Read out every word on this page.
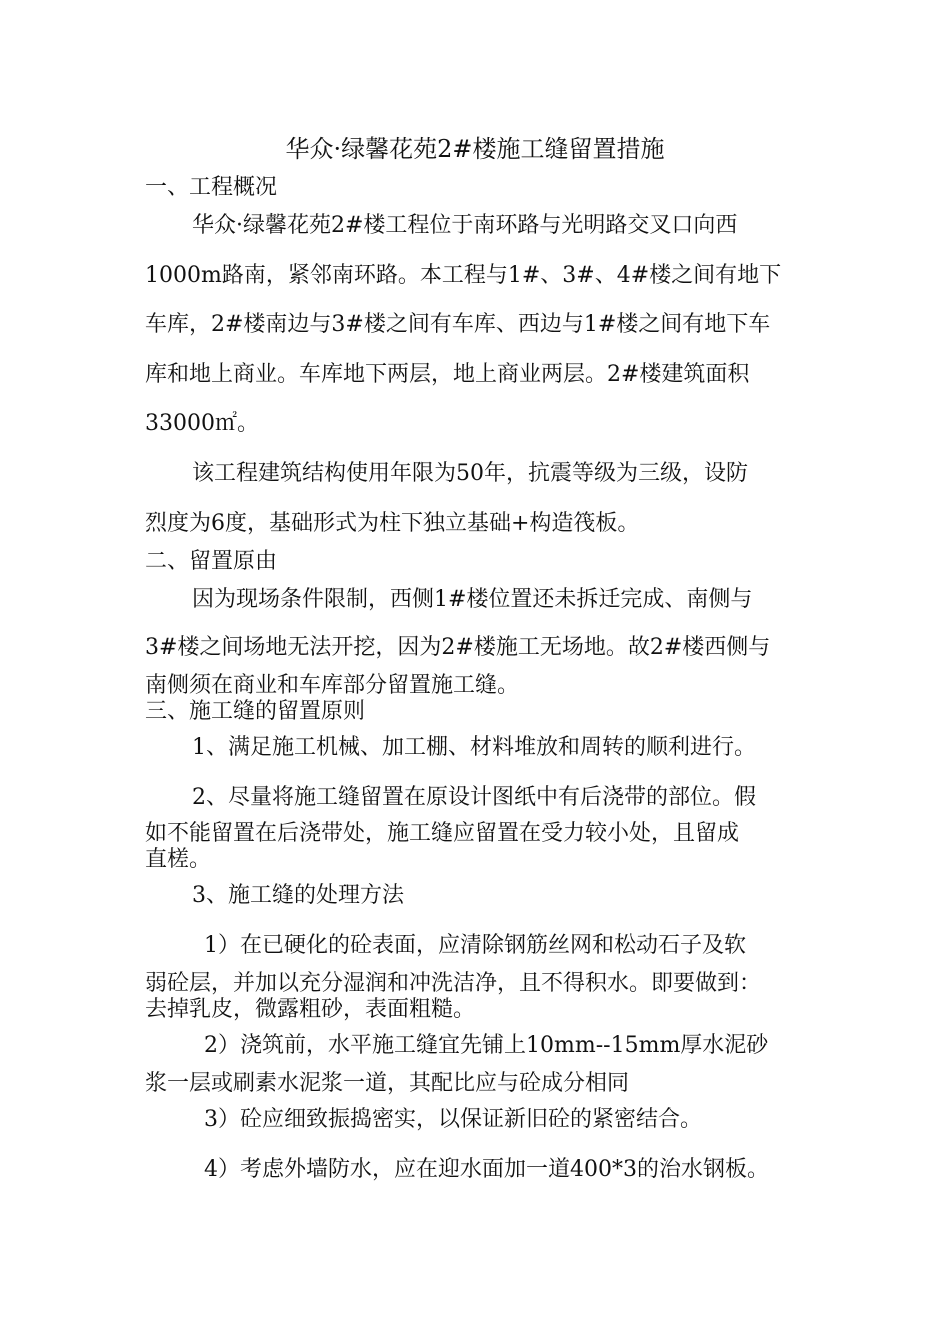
华众·绿馨花苑2#楼施工缝留置措施
一、工程概况
华众·绿馨花苑2#楼工程位于南环路与光明路交叉口向西
1000m路南，紧邻南环路。本工程与1#、3#、4#楼之间有地下
车库，2#楼南边与3#楼之间有车库、西边与1#楼之间有地下车
库和地上商业。车库地下两层，地上商业两层。2#楼建筑面积
33000㎡。
该工程建筑结构使用年限为50年，抗震等级为三级，设防
烈度为6度，基础形式为柱下独立基础+构造筏板。
二、留置原由
因为现场条件限制，西侧1#楼位置还未拆迁完成、南侧与
3#楼之间场地无法开挖，因为2#楼施工无场地。故2#楼西侧与
南侧须在商业和车库部分留置施工缝。
三、施工缝的留置原则
1、满足施工机械、加工棚、材料堆放和周转的顺利进行。
2、尽量将施工缝留置在原设计图纸中有后浇带的部位。假
如不能留置在后浇带处，施工缝应留置在受力较小处，且留成
直槎。
3、施工缝的处理方法
1）在已硬化的砼表面，应清除钢筋丝网和松动石子及软
弱砼层，并加以充分湿润和冲洗洁净，且不得积水。即要做到：
去掉乳皮，微露粗砂，表面粗糙。
2）浇筑前，水平施工缝宜先铺上10mm--15mm厚水泥砂
浆一层或刷素水泥浆一道，其配比应与砼成分相同
3）砼应细致振捣密实，以保证新旧砼的紧密结合。
4）考虑外墙防水，应在迎水面加一道400*3的治水钢板。
